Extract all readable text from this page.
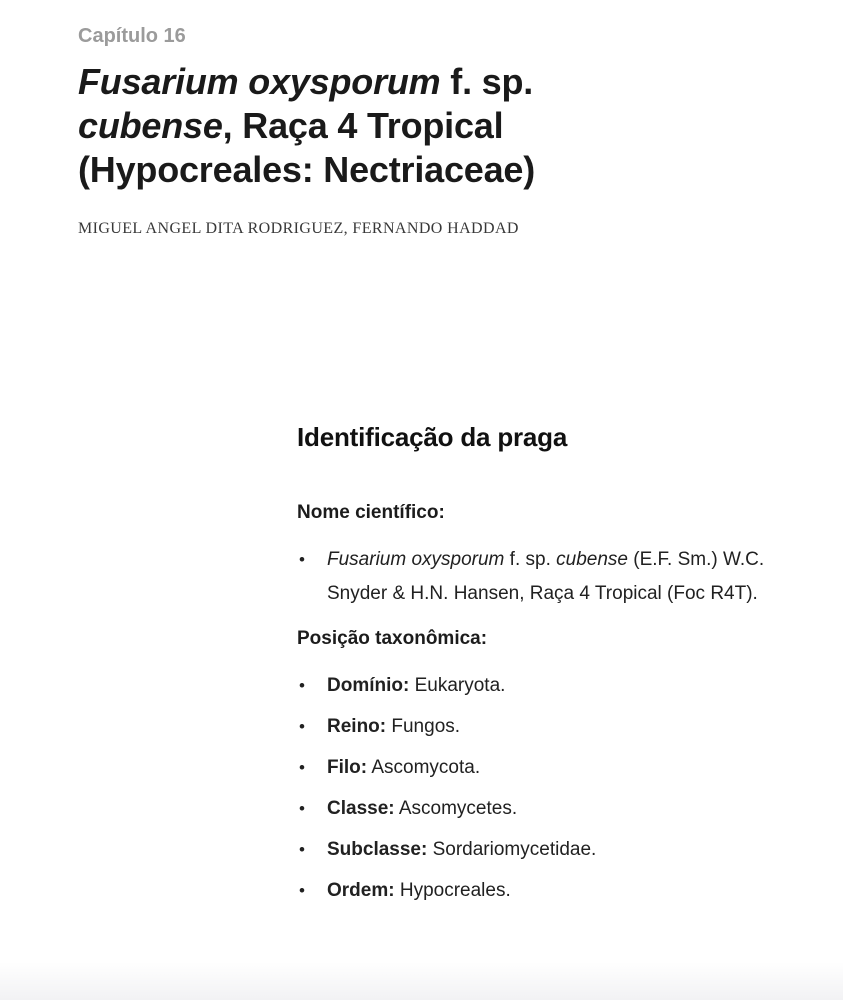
Capítulo 16
Fusarium oxysporum f. sp.
cubense, Raça 4 Tropical
(Hypocreales: Nectriaceae)
MIGUEL ANGEL DITA RODRIGUEZ, FERNANDO HADDAD
Identificação da praga
Nome científico:
• Fusarium oxysporum f. sp. cubense (E.F. Sm.) W.C. Snyder & H.N. Hansen, Raça 4 Tropical (Foc R4T).
Posição taxonômica:
• Domínio: Eukaryota.
• Reino: Fungos.
• Filo: Ascomycota.
• Classe: Ascomycetes.
• Subclasse: Sordariomycetidae.
• Ordem: Hypocreales.
